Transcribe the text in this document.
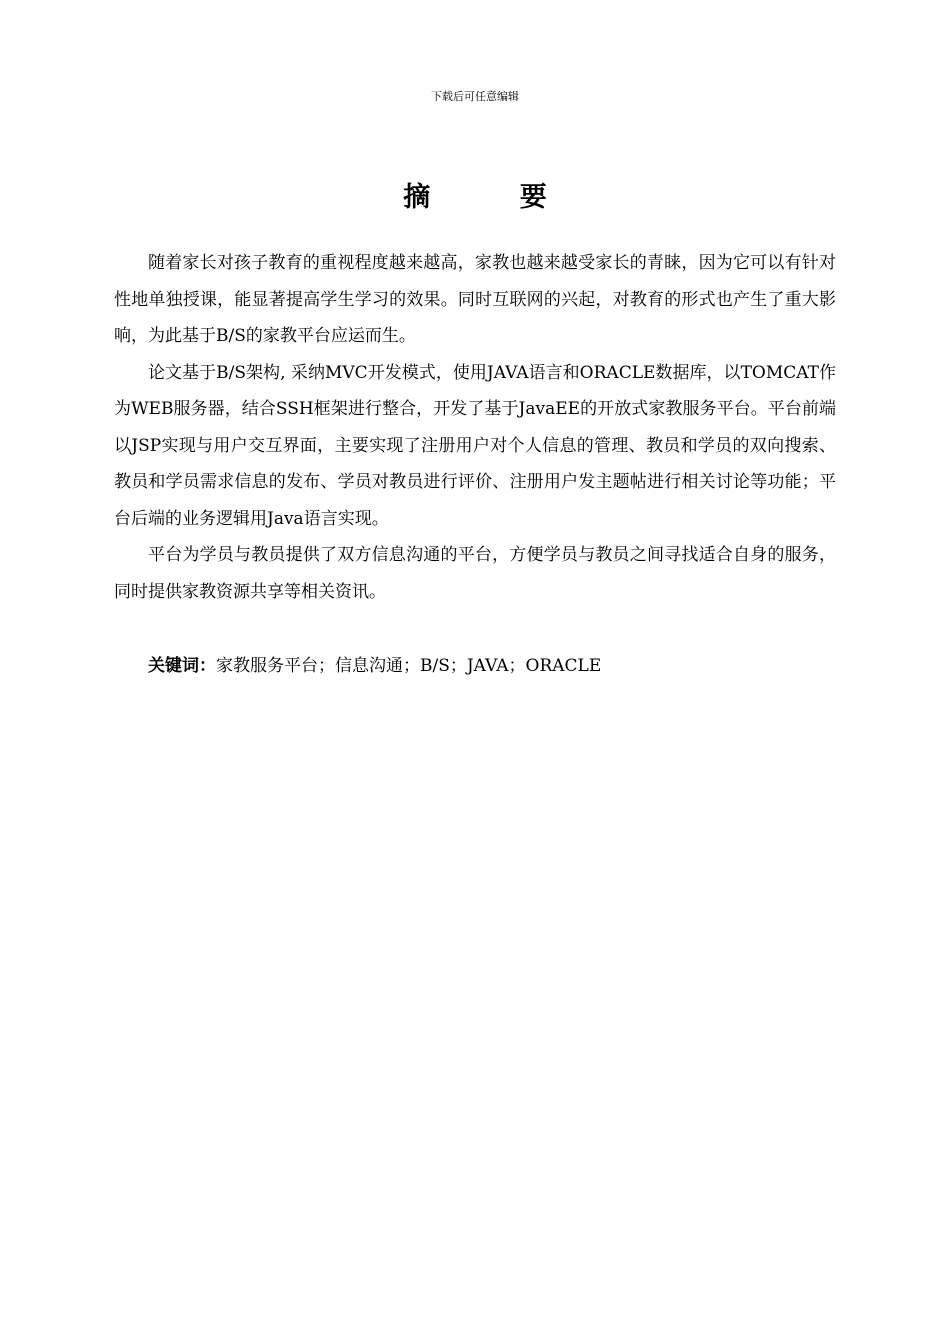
下载后可任意编辑
摘 要

随着家长对孩子教育的重视程度越来越高，家教也越来越受家长的青睐，因为它可以有针对性地单独授课，能显著提高学生学习的效果。同时互联网的兴起，对教育的形式也产生了重大影响，为此基于B/S的家教平台应运而生。

论文基于B/S架构, 采纳MVC开发模式，使用JAVA语言和ORACLE数据库，以TOMCAT作为WEB服务器，结合SSH框架进行整合，开发了基于JavaEE的开放式家教服务平台。平台前端以JSP实现与用户交互界面，主要实现了注册用户对个人信息的管理、教员和学员的双向搜索、教员和学员需求信息的发布、学员对教员进行评价、注册用户发主题帖进行相关讨论等功能；平台后端的业务逻辑用Java语言实现。

平台为学员与教员提供了双方信息沟通的平台，方便学员与教员之间寻找适合自身的服务，同时提供家教资源共享等相关资讯。

关键词：家教服务平台；信息沟通；B/S；JAVA；ORACLE
